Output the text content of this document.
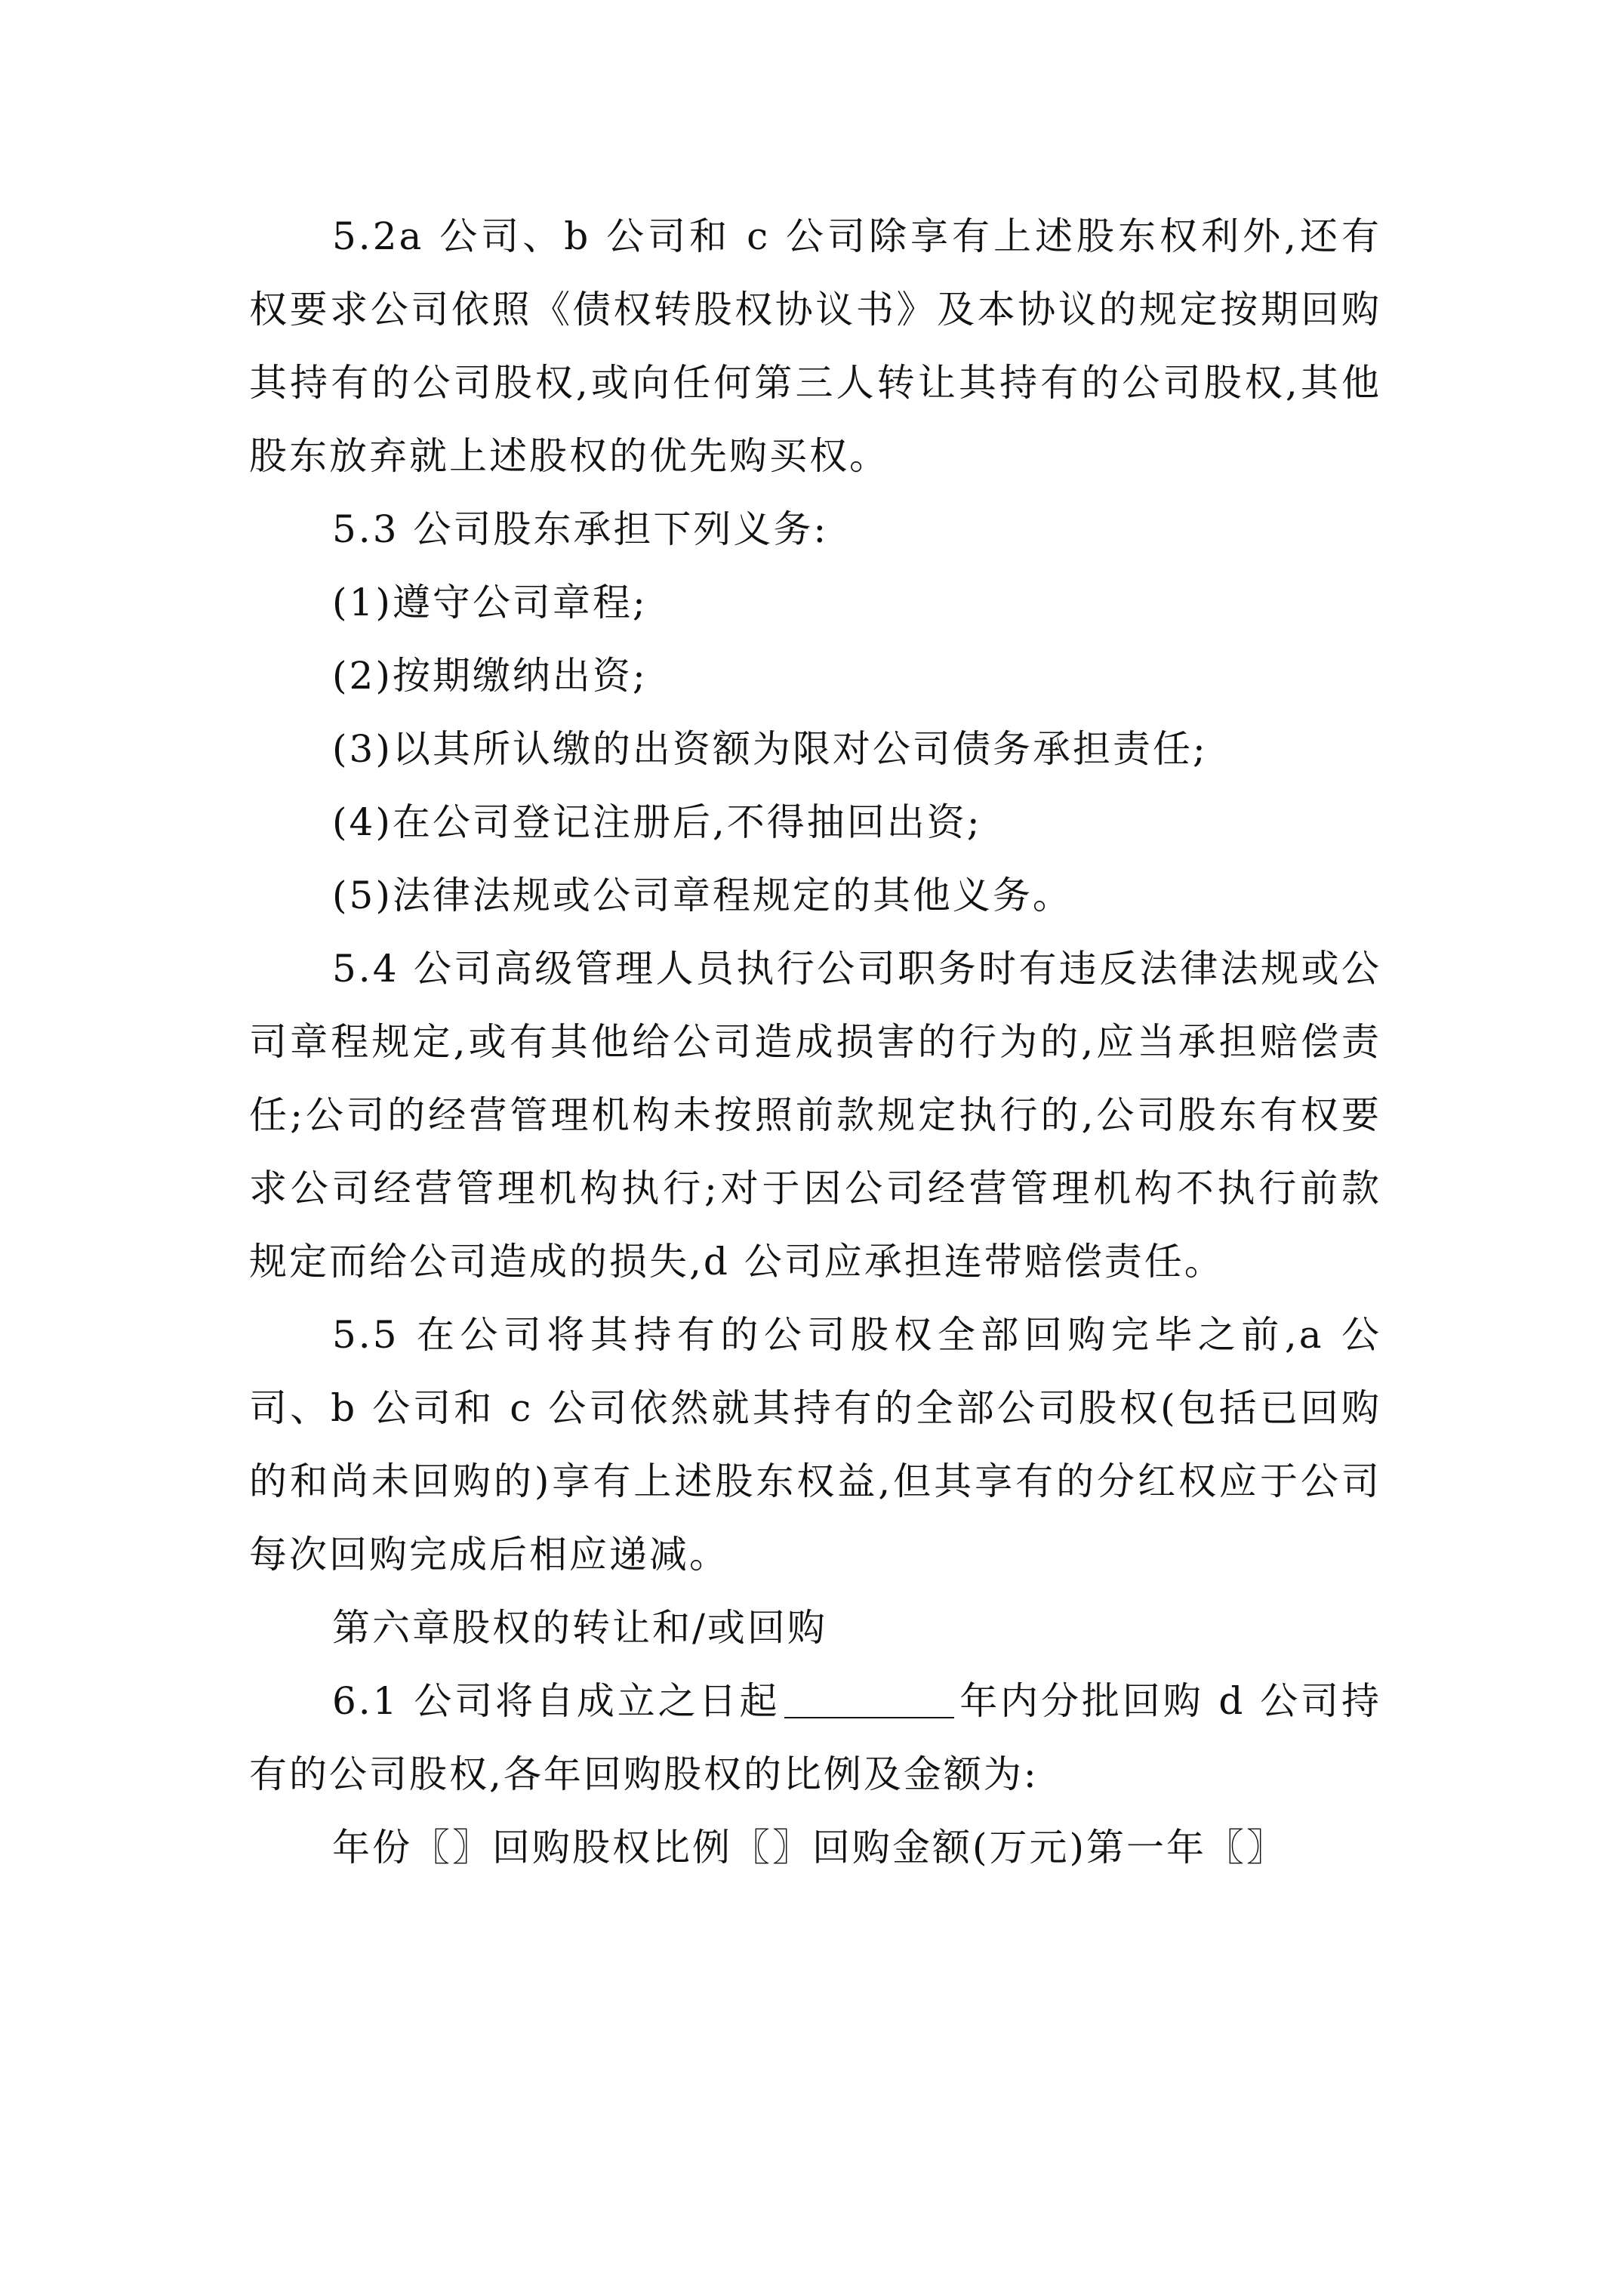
5.2a 公司、b 公司和 c 公司除享有上述股东权利外,还有权要求公司依照《债权转股权协议书》及本协议的规定按期回购其持有的公司股权,或向任何第三人转让其持有的公司股权,其他股东放弃就上述股权的优先购买权。

5.3 公司股东承担下列义务:

(1)遵守公司章程;

(2)按期缴纳出资;

(3)以其所认缴的出资额为限对公司债务承担责任;

(4)在公司登记注册后,不得抽回出资;

(5)法律法规或公司章程规定的其他义务。

5.4 公司高级管理人员执行公司职务时有违反法律法规或公司章程规定,或有其他给公司造成损害的行为的,应当承担赔偿责任;公司的经营管理机构未按照前款规定执行的,公司股东有权要求公司经营管理机构执行;对于因公司经营管理机构不执行前款规定而给公司造成的损失,d 公司应承担连带赔偿责任。

5.5 在公司将其持有的公司股权全部回购完毕之前,a 公司、b 公司和 c 公司依然就其持有的全部公司股权(包括已回购的和尚未回购的)享有上述股东权益,但其享有的分红权应于公司每次回购完成后相应递减。

第六章股权的转让和/或回购

6.1 公司将自成立之日起	年内分批回购 d 公司持有的公司股权,各年回购股权的比例及金额为:

年份〖〗回购股权比例〖〗回购金额(万元)第一年〖〗
